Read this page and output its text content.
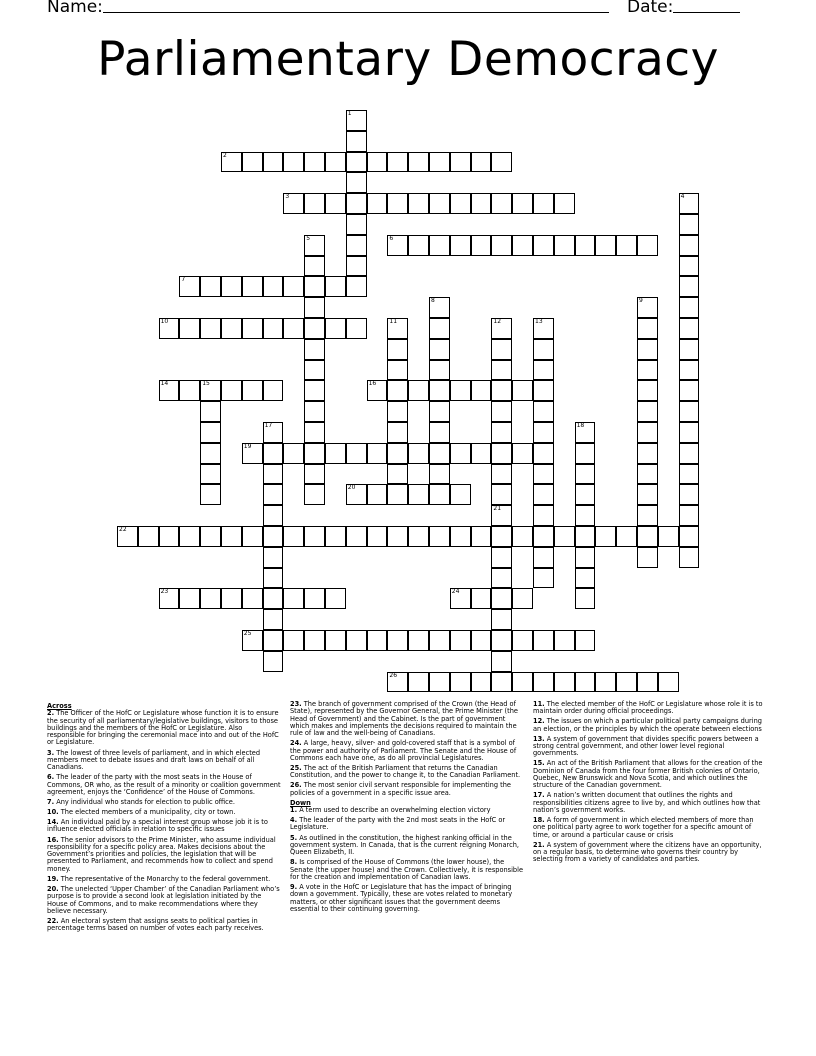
Name:	Date:
Parliamentary Democracy
2
3
6
7
10
14	15	16
19
20
22
23	24
25
26
1
4
5
8	9
11	12	13
17	18
21
Across
2. The Officer of the HofC or Legislature whose function it is to ensure the security of all parliamentary/legislative buildings, visitors to those buildings and the members of the HofC or Legislature. Also responsible for bringing the ceremonial mace into and out of the HofC or Legislature.
3. The lowest of three levels of parliament, and in which elected members meet to debate issues and draft laws on behalf of all Canadians.
6. The leader of the party with the most seats in the House of Commons, OR who, as the result of a minority or coalition government agreement, enjoys the ‘Confidence’ of the House of Commons.
7. Any individual who stands for election to public office.
10. The elected members of a municipality, city or town.
14. An individual paid by a special interest group whose job it is to influence elected officials in relation to specific issues
16. The senior advisors to the Prime Minister, who assume individual responsibility for a specific policy area. Makes decisions about the Government’s priorities and policies, the legislation that will be presented to Parliament, and recommends how to collect and spend money.
19. The representative of the Monarchy to the federal government.
20. The unelected ‘Upper Chamber’ of the Canadian Parliament who’s purpose is to provide a second look at legislation initiated by the House of Commons, and to make recommendations where they believe necessary.
22. An electoral system that assigns seats to political parties in percentage terms based on number of votes each party receives.
23. The branch of government comprised of the Crown (the Head of State), represented by the Governor General, the Prime Minister (the Head of Government) and the Cabinet. Is the part of government which makes and implements the decisions required to maintain the rule of law and the well-being of Canadians.
24. A large, heavy, silver- and gold-covered staff that is a symbol of the power and authority of Parliament. The Senate and the House of Commons each have one, as do all provincial Legislatures.
25. The act of the British Parliament that returns the Canadian Constitution, and the power to change it, to the Canadian Parliament.
26. The most senior civil servant responsible for implementing the policies of a government in a specific issue area.
Down
1. A term used to describe an overwhelming election victory
4. The leader of the party with the 2nd most seats in the HofC or Legislature.
5. As outlined in the constitution, the highest ranking official in the government system. In Canada, that is the current reigning Monarch, Queen Elizabeth, II.
8. Is comprised of the House of Commons (the lower house), the Senate (the upper house) and the Crown. Collectively, it is responsible for the creation and implementation of Canadian laws.
9. A vote in the HofC or Legislature that has the impact of bringing down a government. Typically, these are votes related to monetary matters, or other significant issues that the government deems essential to their continuing governing.
11. The elected member of the HofC or Legislature whose role it is to maintain order during official proceedings.
12. The issues on which a particular political party campaigns during an election, or the principles by which the operate between elections
13. A system of government that divides specific powers between a strong central government, and other lower level regional governments.
15. An act of the British Parliament that allows for the creation of the Dominion of Canada from the four former British colonies of Ontario, Quebec, New Brunswick and Nova Scotia, and which outlines the structure of the Canadian government.
17. A nation’s written document that outlines the rights and responsibilities citizens agree to live by, and which outlines how that nation’s government works.
18. A form of government in which elected members of more than one political party agree to work together for a specific amount of time, or around a particular cause or crisis
21. A system of government where the citizens have an opportunity, on a regular basis, to determine who governs their country by selecting from a variety of candidates and parties.
